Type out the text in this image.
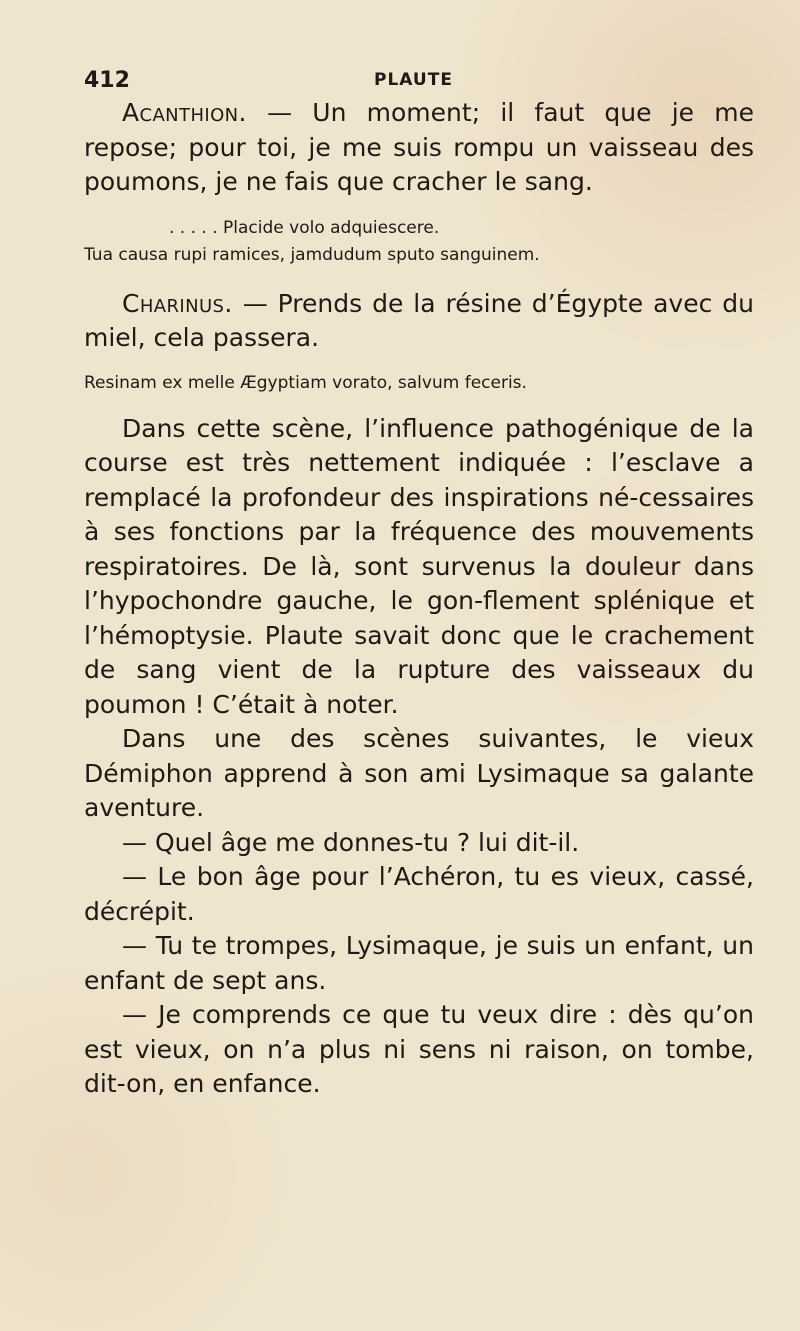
412	PLAUTE

Acanthion. — Un moment; il faut que je me repose; pour toi, je me suis rompu un vaisseau des poumons, je ne fais que cracher le sang.

. . . . . Placide volo adquiescere.

Tua causa rupi ramices, jamdudum sputo sanguinem.

Charinus. — Prends de la résine d’Égypte avec du miel, cela passera.

Resinam ex melle Ægyptiam vorato, salvum feceris.

Dans cette scène, l’influence pathogénique de la course est très nettement indiquée : l’esclave a remplacé la profondeur des inspirations né-cessaires à ses fonctions par la fréquence des mouvements respiratoires. De là, sont survenus la douleur dans l’hypochondre gauche, le gon-flement splénique et l’hémoptysie. Plaute savait donc que le crachement de sang vient de la rupture des vaisseaux du poumon ! C’était à noter.

Dans une des scènes suivantes, le vieux Démiphon apprend à son ami Lysimaque sa galante aventure.

— Quel âge me donnes-tu ? lui dit-il.

— Le bon âge pour l’Achéron, tu es vieux, cassé, décrépit.

— Tu te trompes, Lysimaque, je suis un enfant, un enfant de sept ans.

— Je comprends ce que tu veux dire : dès qu’on est vieux, on n’a plus ni sens ni raison, on tombe, dit-on, en enfance.
